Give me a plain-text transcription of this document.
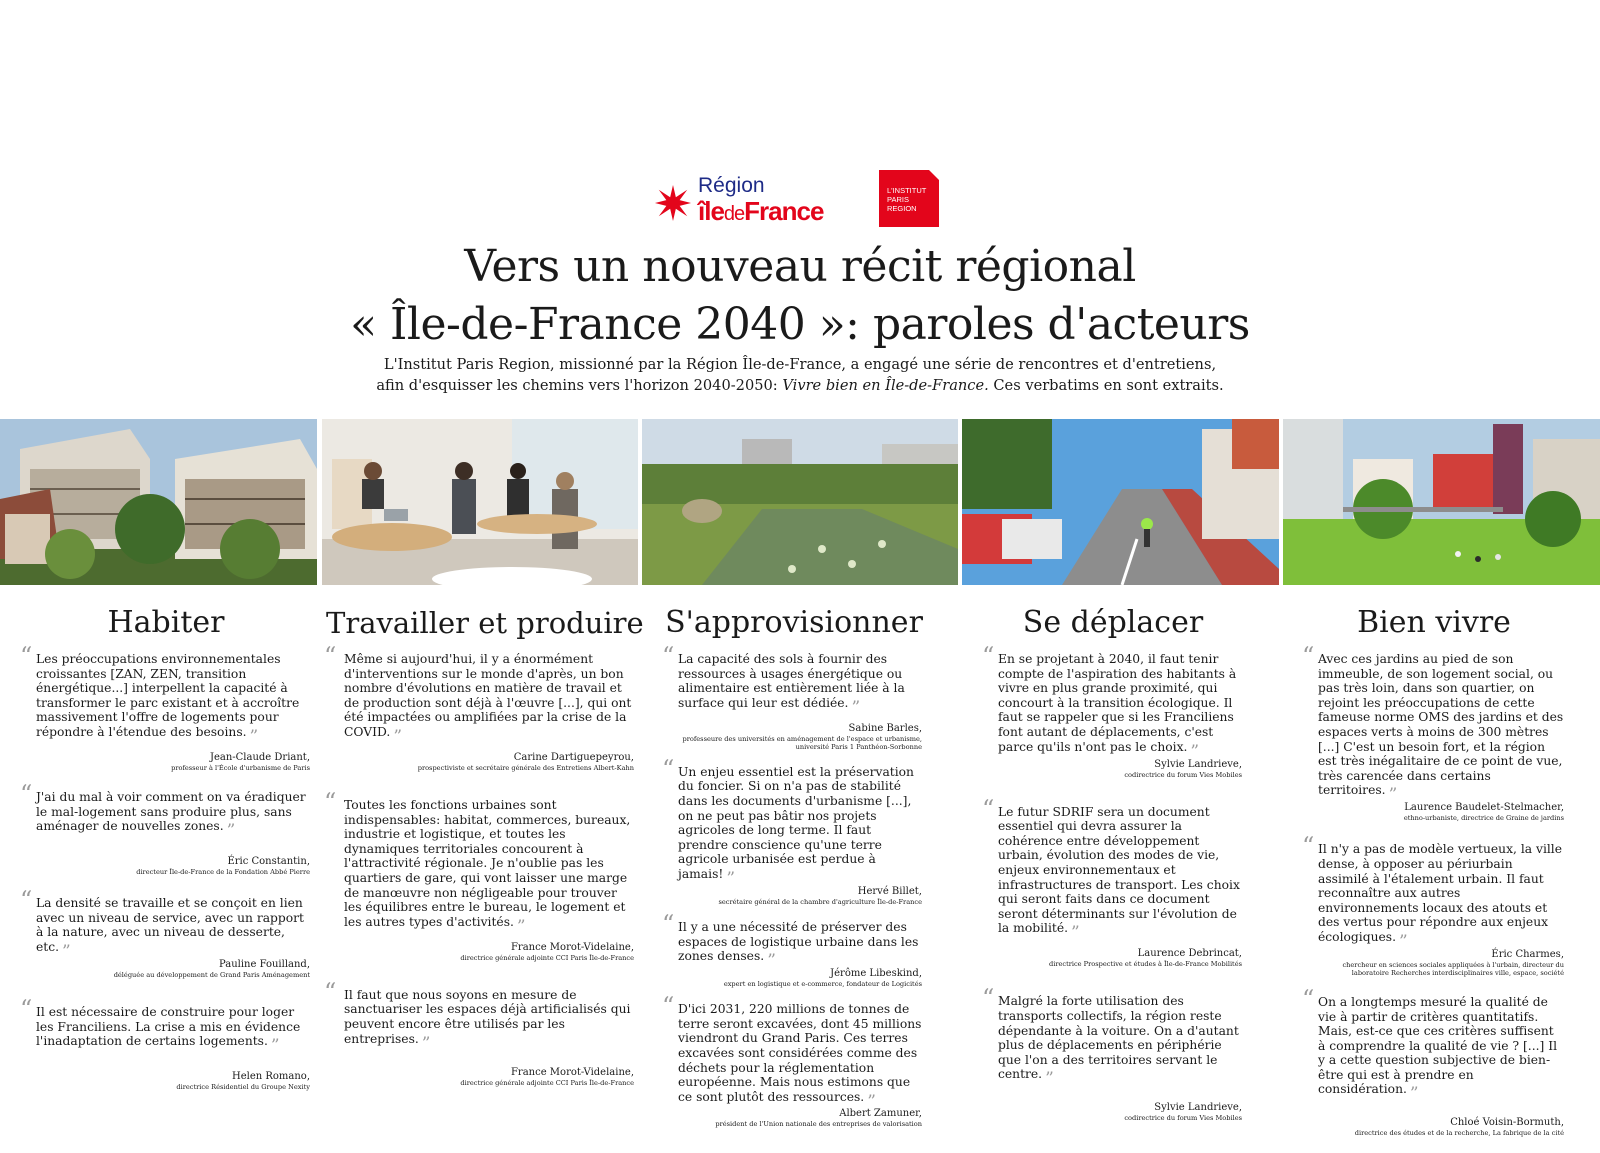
Région
îledeFrance
L'INSTITUT
PARIS
REGION
Vers un nouveau récit régional
« Île-de-France 2040 »: paroles d'acteurs
L'Institut Paris Region, missionné par la Région Île-de-France, a engagé une série de rencontres et d'entretiens,
afin d'esquisser les chemins vers l'horizon 2040-2050: Vivre bien en Île-de-France. Ces verbatims en sont extraits.
Habiter
“ Les préoccupations environnementales croissantes [ZAN, ZEN, transition énergétique...] interpellent la capacité à transformer le parc existant et à accroître massivement l'offre de logements pour répondre à l'étendue des besoins. ”
Jean-Claude Driant,
professeur à l'École d'urbanisme de Paris
“ J'ai du mal à voir comment on va éradiquer le mal-logement sans produire plus, sans aménager de nouvelles zones. ”
Éric Constantin,
directeur Île-de-France de la Fondation Abbé Pierre
“ La densité se travaille et se conçoit en lien avec un niveau de service, avec un rapport à la nature, avec un niveau de desserte, etc. ”
Pauline Fouilland,
déléguée au développement de Grand Paris Aménagement
“ Il est nécessaire de construire pour loger les Franciliens. La crise a mis en évidence l'inadaptation de certains logements. ”
Helen Romano,
directrice Résidentiel du Groupe Nexity
Travailler et produire
“ Même si aujourd'hui, il y a énormément d'interventions sur le monde d'après, un bon nombre d'évolutions en matière de travail et de production sont déjà à l'œuvre [...], qui ont été impactées ou amplifiées par la crise de la COVID. ”
Carine Dartiguepeyrou,
prospectiviste et secrétaire générale des Entretiens Albert-Kahn
“ Toutes les fonctions urbaines sont indispensables: habitat, commerces, bureaux, industrie et logistique, et toutes les dynamiques territoriales concourent à l'attractivité régionale. Je n'oublie pas les quartiers de gare, qui vont laisser une marge de manœuvre non négligeable pour trouver les équilibres entre le bureau, le logement et les autres types d'activités. ”
France Morot-Videlaine,
directrice générale adjointe CCI Paris Île-de-France
“ Il faut que nous soyons en mesure de sanctuariser les espaces déjà artificialisés qui peuvent encore être utilisés par les entreprises. ”
France Morot-Videlaine,
directrice générale adjointe CCI Paris Île-de-France
S'approvisionner
“ La capacité des sols à fournir des ressources à usages énergétique ou alimentaire est entièrement liée à la surface qui leur est dédiée. ”
Sabine Barles,
professeure des universités en aménagement de l'espace et urbanisme, université Paris 1 Panthéon-Sorbonne
“ Un enjeu essentiel est la préservation du foncier. Si on n'a pas de stabilité dans les documents d'urbanisme [...], on ne peut pas bâtir nos projets agricoles de long terme. Il faut prendre conscience qu'une terre agricole urbanisée est perdue à jamais! ”
Hervé Billet,
secrétaire général de la chambre d'agriculture Île-de-France
“ Il y a une nécessité de préserver des espaces de logistique urbaine dans les zones denses. ”
Jérôme Libeskind,
expert en logistique et e-commerce, fondateur de Logicités
“ D'ici 2031, 220 millions de tonnes de terre seront excavées, dont 45 millions viendront du Grand Paris. Ces terres excavées sont considérées comme des déchets pour la réglementation européenne. Mais nous estimons que ce sont plutôt des ressources. ”
Albert Zamuner,
président de l'Union nationale des entreprises de valorisation
Se déplacer
“ En se projetant à 2040, il faut tenir compte de l'aspiration des habitants à vivre en plus grande proximité, qui concourt à la transition écologique. Il faut se rappeler que si les Franciliens font autant de déplacements, c'est parce qu'ils n'ont pas le choix. ”
Sylvie Landrieve,
codirectrice du forum Vies Mobiles
“ Le futur SDRIF sera un document essentiel qui devra assurer la cohérence entre développement urbain, évolution des modes de vie, enjeux environnementaux et infrastructures de transport. Les choix qui seront faits dans ce document seront déterminants sur l'évolution de la mobilité. ”
Laurence Debrincat,
directrice Prospective et études à Île-de-France Mobilités
“ Malgré la forte utilisation des transports collectifs, la région reste dépendante à la voiture. On a d'autant plus de déplacements en périphérie que l'on a des territoires servant le centre. ”
Sylvie Landrieve,
codirectrice du forum Vies Mobiles
Bien vivre
“ Avec ces jardins au pied de son immeuble, de son logement social, ou pas très loin, dans son quartier, on rejoint les préoccupations de cette fameuse norme OMS des jardins et des espaces verts à moins de 300 mètres [...] C'est un besoin fort, et la région est très inégalitaire de ce point de vue, très carencée dans certains territoires. ”
Laurence Baudelet-Stelmacher,
ethno-urbaniste, directrice de Graine de jardins
“ Il n'y a pas de modèle vertueux, la ville dense, à opposer au périurbain assimilé à l'étalement urbain. Il faut reconnaître aux autres environnements locaux des atouts et des vertus pour répondre aux enjeux écologiques. ”
Éric Charmes,
chercheur en sciences sociales appliquées à l'urbain, directeur du laboratoire Recherches interdisciplinaires ville, espace, société
“ On a longtemps mesuré la qualité de vie à partir de critères quantitatifs. Mais, est-ce que ces critères suffisent à comprendre la qualité de vie ? [...] Il y a cette question subjective de bien-être qui est à prendre en considération. ”
Chloé Voisin-Bormuth,
directrice des études et de la recherche, La fabrique de la cité
